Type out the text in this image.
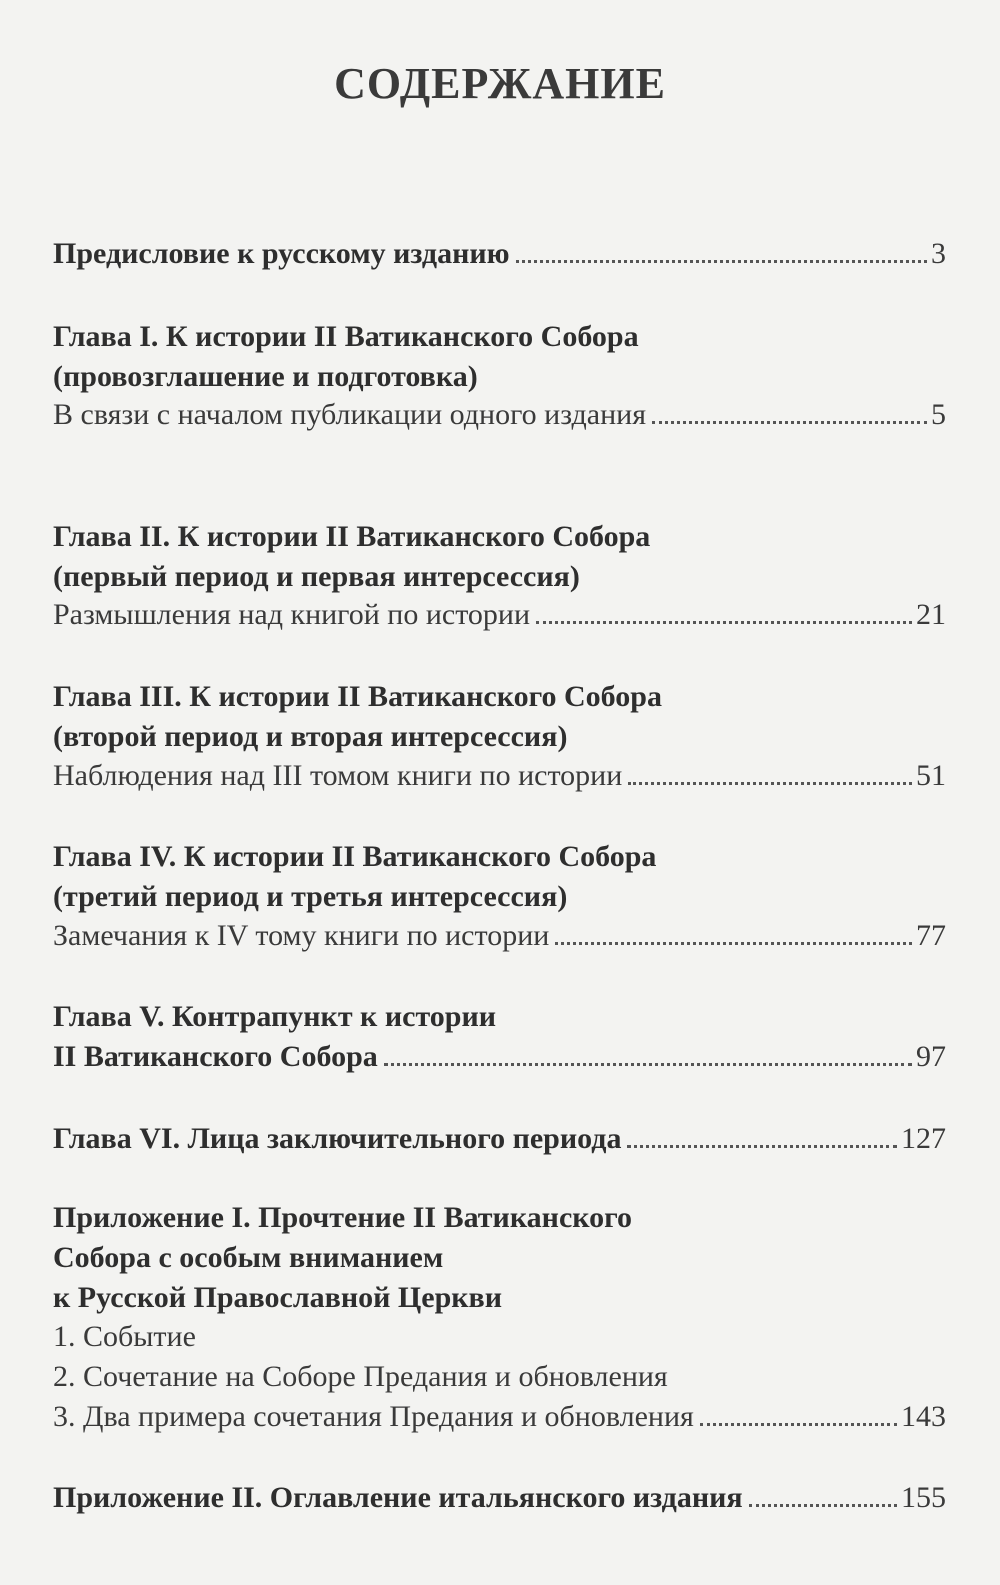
СОДЕРЖАНИЕ
Предисловие к русскому изданию	3
Глава I. К истории II Ватиканского Собора
(провозглашение и подготовка)
В связи с началом публикации одного издания	5
Глава II. К истории II Ватиканского Собора
(первый период и первая интерсессия)
Размышления над книгой по истории	21
Глава III. К истории II Ватиканского Собора
(второй период и вторая интерсессия)
Наблюдения над III томом книги по истории	51
Глава IV. К истории II Ватиканского Собора
(третий период и третья интерсессия)
Замечания к IV тому книги по истории	77
Глава V. Контрапункт к истории
II Ватиканского Собора	97
Глава VI. Лица заключительного периода	127
Приложение I. Прочтение II Ватиканского
Собора с особым вниманием
к Русской Православной Церкви
1. Событие
2. Сочетание на Соборе Предания и обновления
3. Два примера сочетания Предания и обновления	143
Приложение II. Оглавление итальянского издания	155
